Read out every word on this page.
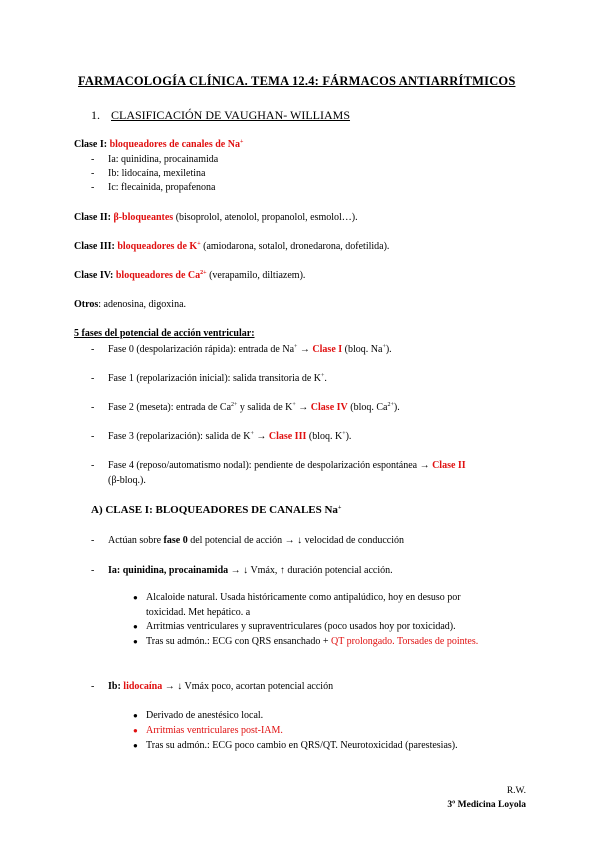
FARMACOLOGÍA CLÍNICA. TEMA 12.4: FÁRMACOS ANTIARRÍTMICOS
1. CLASIFICACIÓN DE VAUGHAN- WILLIAMS
Clase I: bloqueadores de canales de Na+
- Ia: quinidina, procainamida
- Ib: lidocaína, mexiletina
- Ic: flecainida, propafenona
Clase II: β-bloqueantes (bisoprolol, atenolol, propanolol, esmolol…).
Clase III: bloqueadores de K+ (amiodarona, sotalol, dronedarona, dofetilida).
Clase IV: bloqueadores de $Ca^{2+}$ (verapamilo, diltiazem).
Otros: adenosina, digoxina.
5 fases del potencial de acción ventricular:
- Fase 0 (despolarización rápida): entrada de Na+ → Clase I (bloq. Na+).
- Fase 1 (repolarización inicial): salida transitoria de K+.
- Fase 2 (meseta): entrada de $Ca^{2+}$ y salida de K+ → Clase IV (bloq. $Ca^{2+}$).
- Fase 3 (repolarización): salida de K+ → Clase III (bloq. K+).
- Fase 4 (reposo/automatismo nodal): pendiente de despolarización espontánea → Clase II
(β-bloq.).
A) CLASE I: BLOQUEADORES DE CANALES Na+
- Actúan sobre fase 0 del potencial de acción → ↓ velocidad de conducción
- Ia: quinidina, procainamida → ↓ Vmáx, ↑ duración potencial acción.
● Alcaloide natural. Usada históricamente como antipalúdico, hoy en desuso por
toxicidad. Met hepático. a
● Arritmias ventriculares y supraventriculares (poco usados hoy por toxicidad).
● Tras su admón.: ECG con QRS ensanchado + QT prolongado. Torsades de pointes.
- Ib: lidocaína → ↓ Vmáx poco, acortan potencial acción
● Derivado de anestésico local.
● Arritmias ventriculares post-IAM.
● Tras su admón.: ECG poco cambio en QRS/QT. Neurotoxicidad (parestesias).
R.W.
3º Medicina Loyola
